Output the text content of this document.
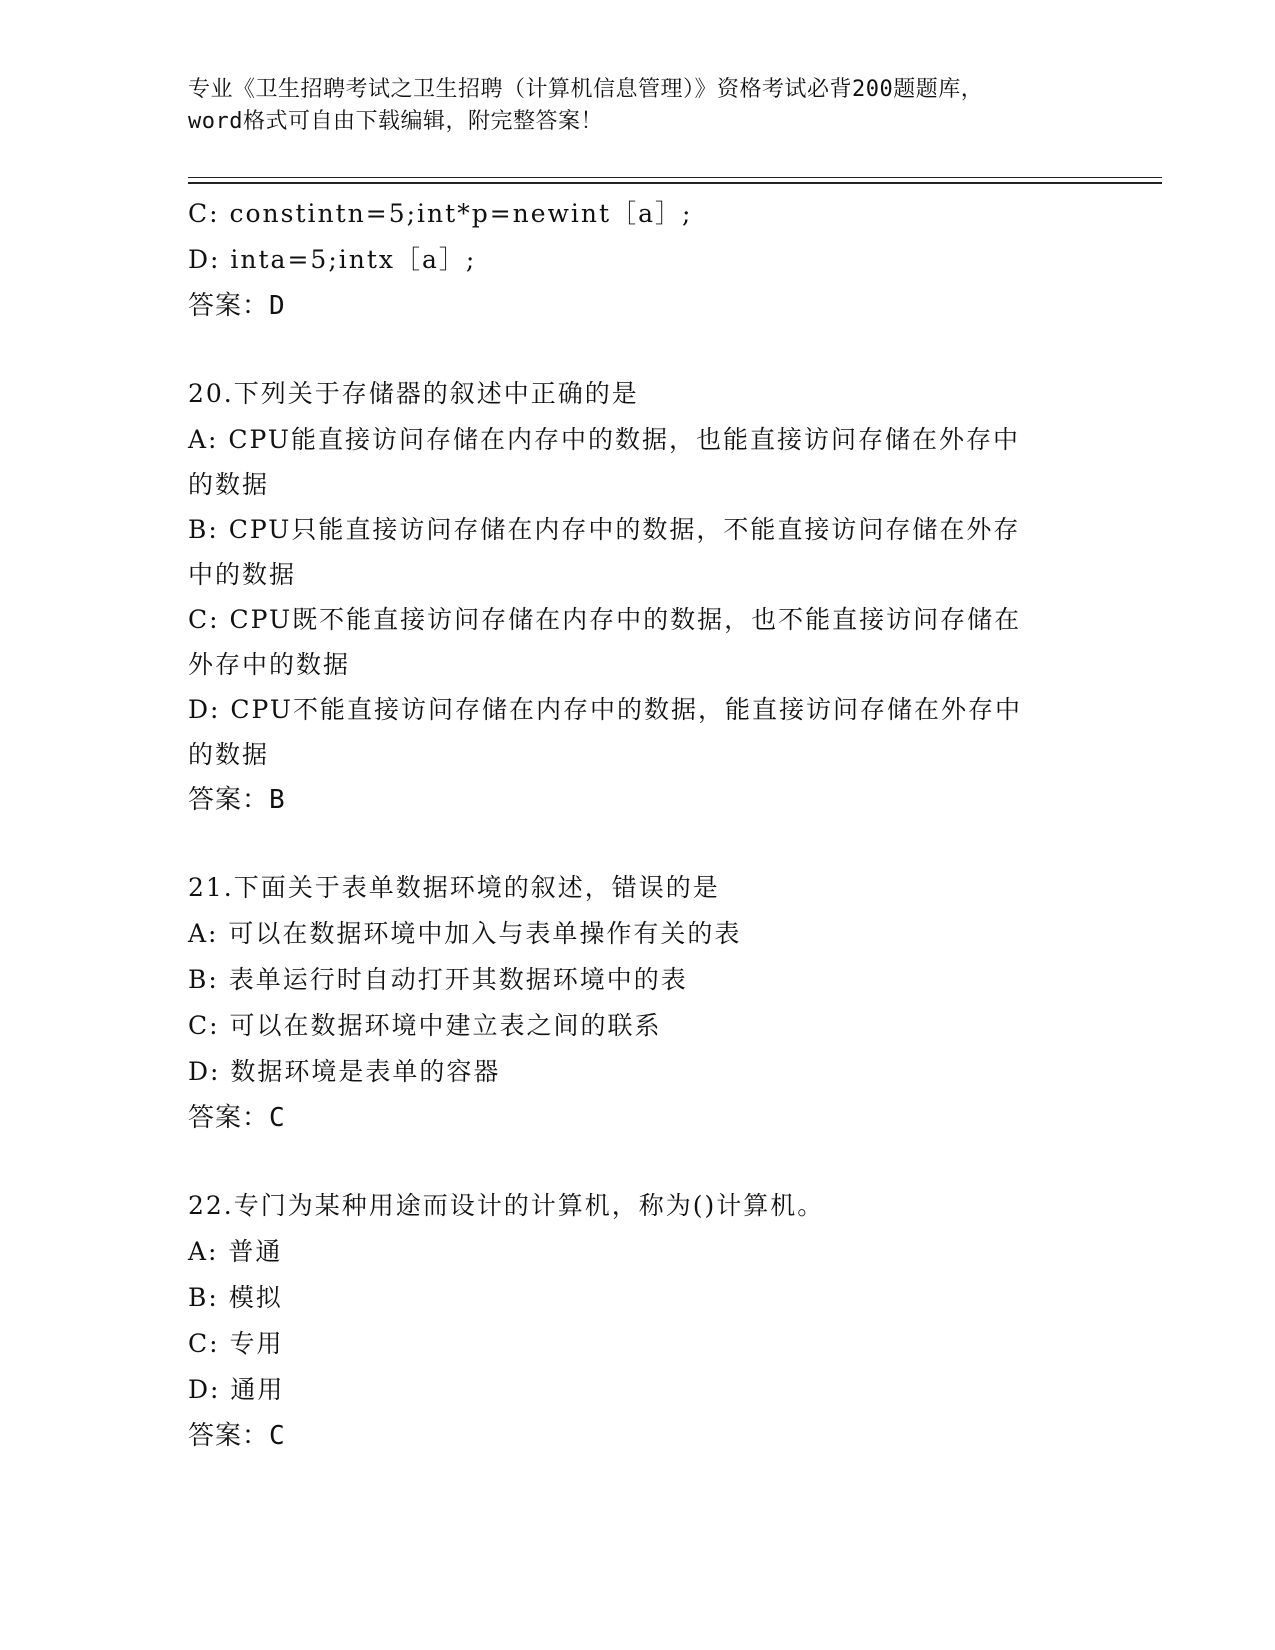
专业《卫生招聘考试之卫生招聘（计算机信息管理）》资格考试必背200题题库，
word格式可自由下载编辑，附完整答案！
C: constintn=5;int*p=newint［a］;
D: inta=5;intx［a］;
答案：D
20.下列关于存储器的叙述中正确的是
A: CPU能直接访问存储在内存中的数据，也能直接访问存储在外存中
的数据
B: CPU只能直接访问存储在内存中的数据，不能直接访问存储在外存
中的数据
C: CPU既不能直接访问存储在内存中的数据，也不能直接访问存储在
外存中的数据
D: CPU不能直接访问存储在内存中的数据，能直接访问存储在外存中
的数据
答案：B
21.下面关于表单数据环境的叙述，错误的是
A: 可以在数据环境中加入与表单操作有关的表
B: 表单运行时自动打开其数据环境中的表
C: 可以在数据环境中建立表之间的联系
D: 数据环境是表单的容器
答案：C
22.专门为某种用途而设计的计算机，称为()计算机。
A: 普通
B: 模拟
C: 专用
D: 通用
答案：C
